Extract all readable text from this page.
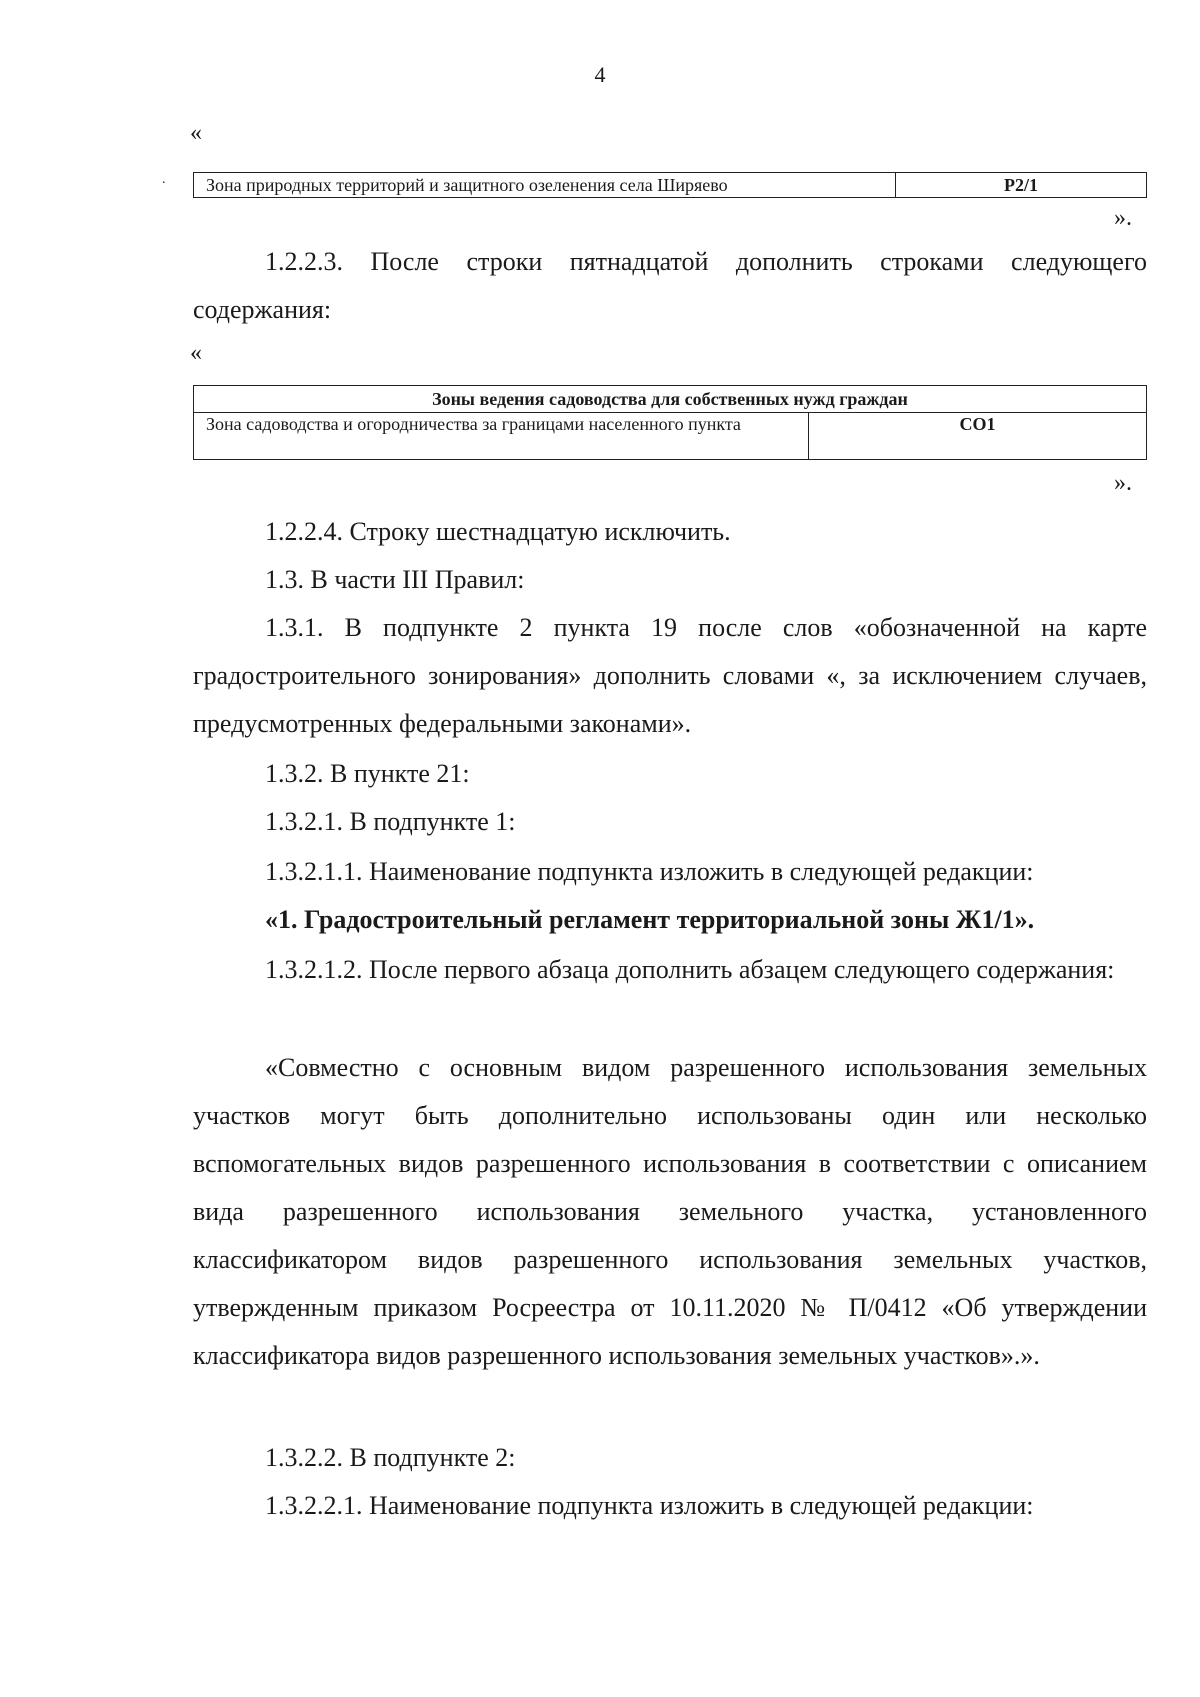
4
«
. Зона природных территорий и защитного озеленения села Ширяево	Р2/1
».

1.2.2.3. После строки пятнадцатой дополнить строками следующего содержания:

«
Зоны ведения садоводства для собственных нужд граждан
Зона садоводства и огородничества за границами населенного пункта	СО1
».

1.2.2.4. Строку шестнадцатую исключить.

1.3. В части III Правил:

1.3.1. В подпункте 2 пункта 19 после слов «обозначенной на карте градостроительного зонирования» дополнить словами «, за исключением случаев, предусмотренных федеральными законами».

1.3.2. В пункте 21:

1.3.2.1. В подпункте 1:

1.3.2.1.1. Наименование подпункта изложить в следующей редакции:

«1. Градостроительный регламент территориальной зоны Ж1/1».

1.3.2.1.2. После первого абзаца дополнить абзацем следующего содержания:

«Совместно с основным видом разрешенного использования земельных участков могут быть дополнительно использованы один или несколько вспомогательных видов разрешенного использования в соответствии с описанием вида разрешенного использования земельного участка, установленного классификатором видов разрешенного использования земельных участков, утвержденным приказом Росреестра от 10.11.2020 № П/0412 «Об утверждении классификатора видов разрешенного использования земельных участков».».

1.3.2.2. В подпункте 2:

1.3.2.2.1. Наименование подпункта изложить в следующей редакции:
